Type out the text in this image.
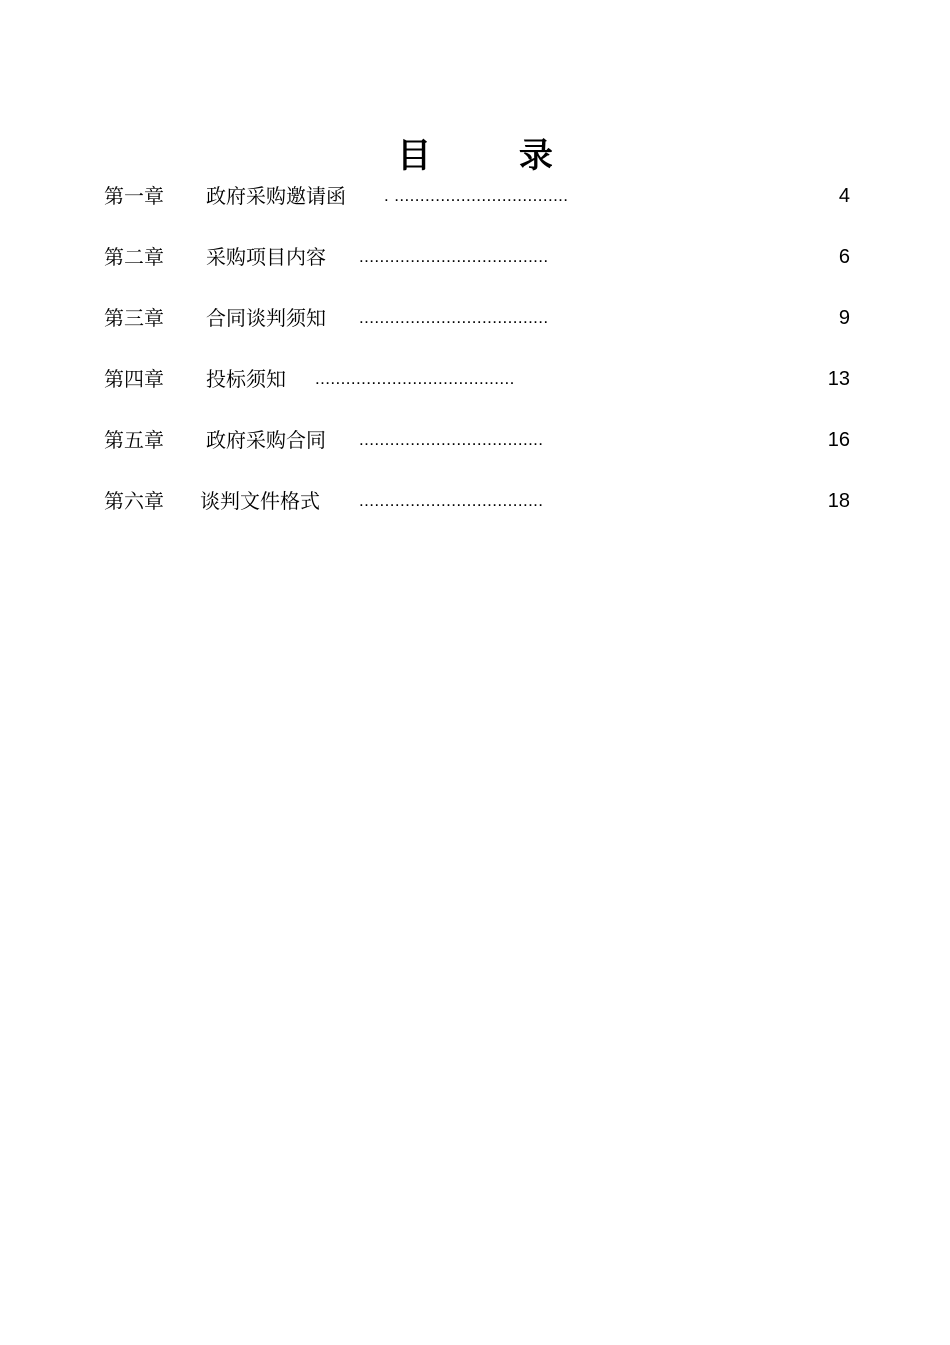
目 录
第一章 政府采购邀请函 . ..................................	4
第二章 采购项目内容 .....................................	6
第三章 合同谈判须知 .....................................	9
第四章 投标须知 .......................................	13
第五章 政府采购合同 ....................................	16
第六章 谈判文件格式 ....................................	18
